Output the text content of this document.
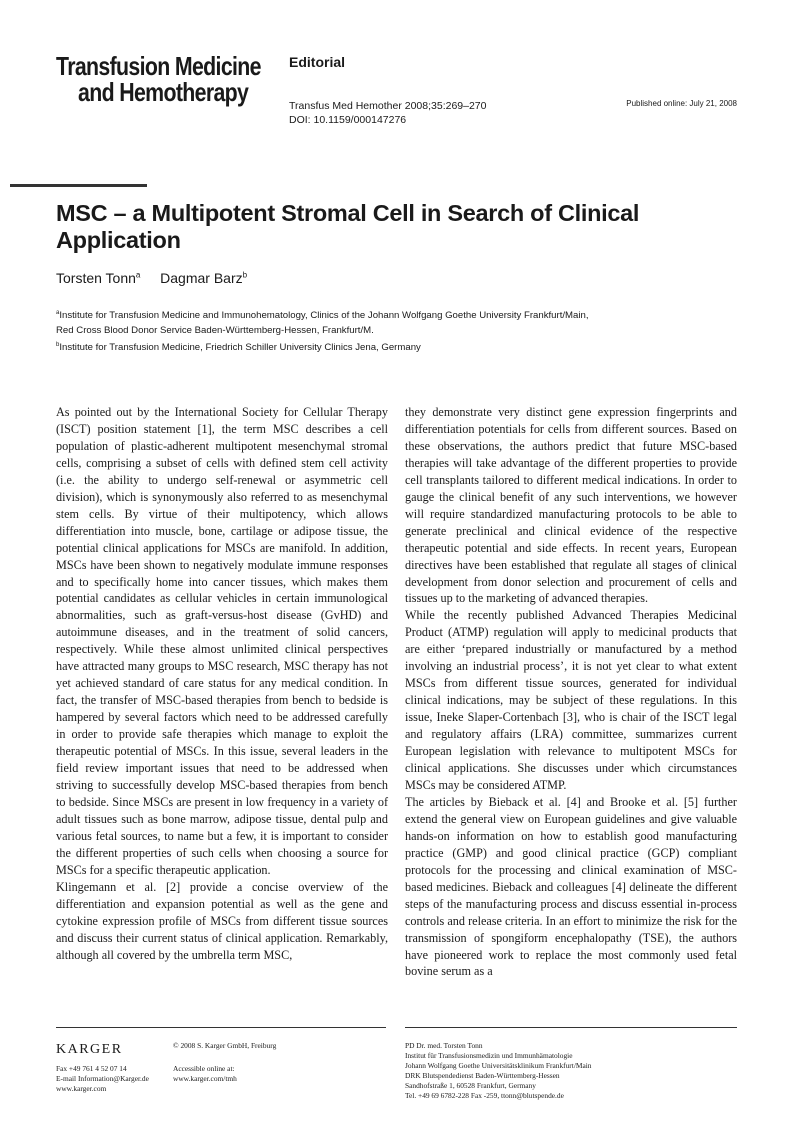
Transfusion Medicine
and Hemotherapy
Editorial
Transfus Med Hemother 2008;35:269–270
DOI: 10.1159/000147276
Published online: July 21, 2008
MSC – a Multipotent Stromal Cell in Search of Clinical Application
Torsten Tonn$^a$ Dagmar Barz$^b$
$^a$Institute for Transfusion Medicine and Immunohematology, Clinics of the Johann Wolfgang Goethe University Frankfurt/Main,
Red Cross Blood Donor Service Baden-Württemberg-Hessen, Frankfurt/M.
$^b$Institute for Transfusion Medicine, Friedrich Schiller University Clinics Jena, Germany

As pointed out by the International Society for Cellular Therapy (ISCT) position statement [1], the term MSC describes a cell population of plastic-adherent multipotent mesenchymal stromal cells, comprising a subset of cells with defined stem cell activity (i.e. the ability to undergo self-renewal or asymmetric cell division), which is synonymously also referred to as mesenchymal stem cells. By virtue of their multipotency, which allows differentiation into muscle, bone, cartilage or adipose tissue, the potential clinical applications for MSCs are manifold. In addition, MSCs have been shown to negatively modulate immune responses and to specifically home into cancer tissues, which makes them potential candidates as cellular vehicles in certain immunological abnormalities, such as graft-versus-host disease (GvHD) and autoimmune diseases, and in the treatment of solid cancers, respectively. While these almost unlimited clinical perspectives have attracted many groups to MSC research, MSC therapy has not yet achieved standard of care status for any medical condition. In fact, the transfer of MSC-based therapies from bench to bedside is hampered by several factors which need to be addressed carefully in order to provide safe therapies which manage to exploit the therapeutic potential of MSCs. In this issue, several leaders in the field review important issues that need to be addressed when striving to successfully develop MSC-based therapies from bench to bedside. Since MSCs are present in low frequency in a variety of adult tissues such as bone marrow, adipose tissue, dental pulp and various fetal sources, to name but a few, it is important to consider the different properties of such cells when choosing a source for MSCs for a specific therapeutic application.

Klingemann et al. [2] provide a concise overview of the differentiation and expansion potential as well as the gene and cytokine expression profile of MSCs from different tissue sources and discuss their current status of clinical application. Remarkably, although all covered by the umbrella term MSC,

they demonstrate very distinct gene expression fingerprints and differentiation potentials for cells from different sources. Based on these observations, the authors predict that future MSC-based therapies will take advantage of the different properties to provide cell transplants tailored to different medical indications. In order to gauge the clinical benefit of any such interventions, we however will require standardized manufacturing protocols to be able to generate preclinical and clinical evidence of the respective therapeutic potential and side effects. In recent years, European directives have been established that regulate all stages of clinical development from donor selection and procurement of cells and tissues up to the marketing of advanced therapies.

While the recently published Advanced Therapies Medicinal Product (ATMP) regulation will apply to medicinal products that are either ‘prepared industrially or manufactured by a method involving an industrial process’, it is not yet clear to what extent MSCs from different tissue sources, generated for individual clinical indications, may be subject of these regulations. In this issue, Ineke Slaper-Cortenbach [3], who is chair of the ISCT legal and regulatory affairs (LRA) committee, summarizes current European legislation with relevance to multipotent MSCs for clinical applications. She discusses under which circumstances MSCs may be considered ATMP.

The articles by Bieback et al. [4] and Brooke et al. [5] further extend the general view on European guidelines and give valuable hands-on information on how to establish good manufacturing practice (GMP) and good clinical practice (GCP) compliant protocols for the processing and clinical examination of MSC-based medicines. Bieback and colleagues [4] delineate the different steps of the manufacturing process and discuss essential in-process controls and release criteria. In an effort to minimize the risk for the transmission of spongiform encephalopathy (TSE), the authors have pioneered work to replace the most commonly used fetal bovine serum as a

KARGER
Fax +49 761 4 52 07 14
E-mail Information@Karger.de
www.karger.com
© 2008 S. Karger GmbH, Freiburg
Accessible online at:
www.karger.com/tmh
PD Dr. med. Torsten Tonn
Institut für Transfusionsmedizin und Immunhämatologie
Johann Wolfgang Goethe Universitätsklinikum Frankfurt/Main
DRK Blutspendedienst Baden-Württemberg-Hessen
Sandhofstraße 1, 60528 Frankfurt, Germany
Tel. +49 69 6782-228 Fax -259, ttonn@blutspende.de
